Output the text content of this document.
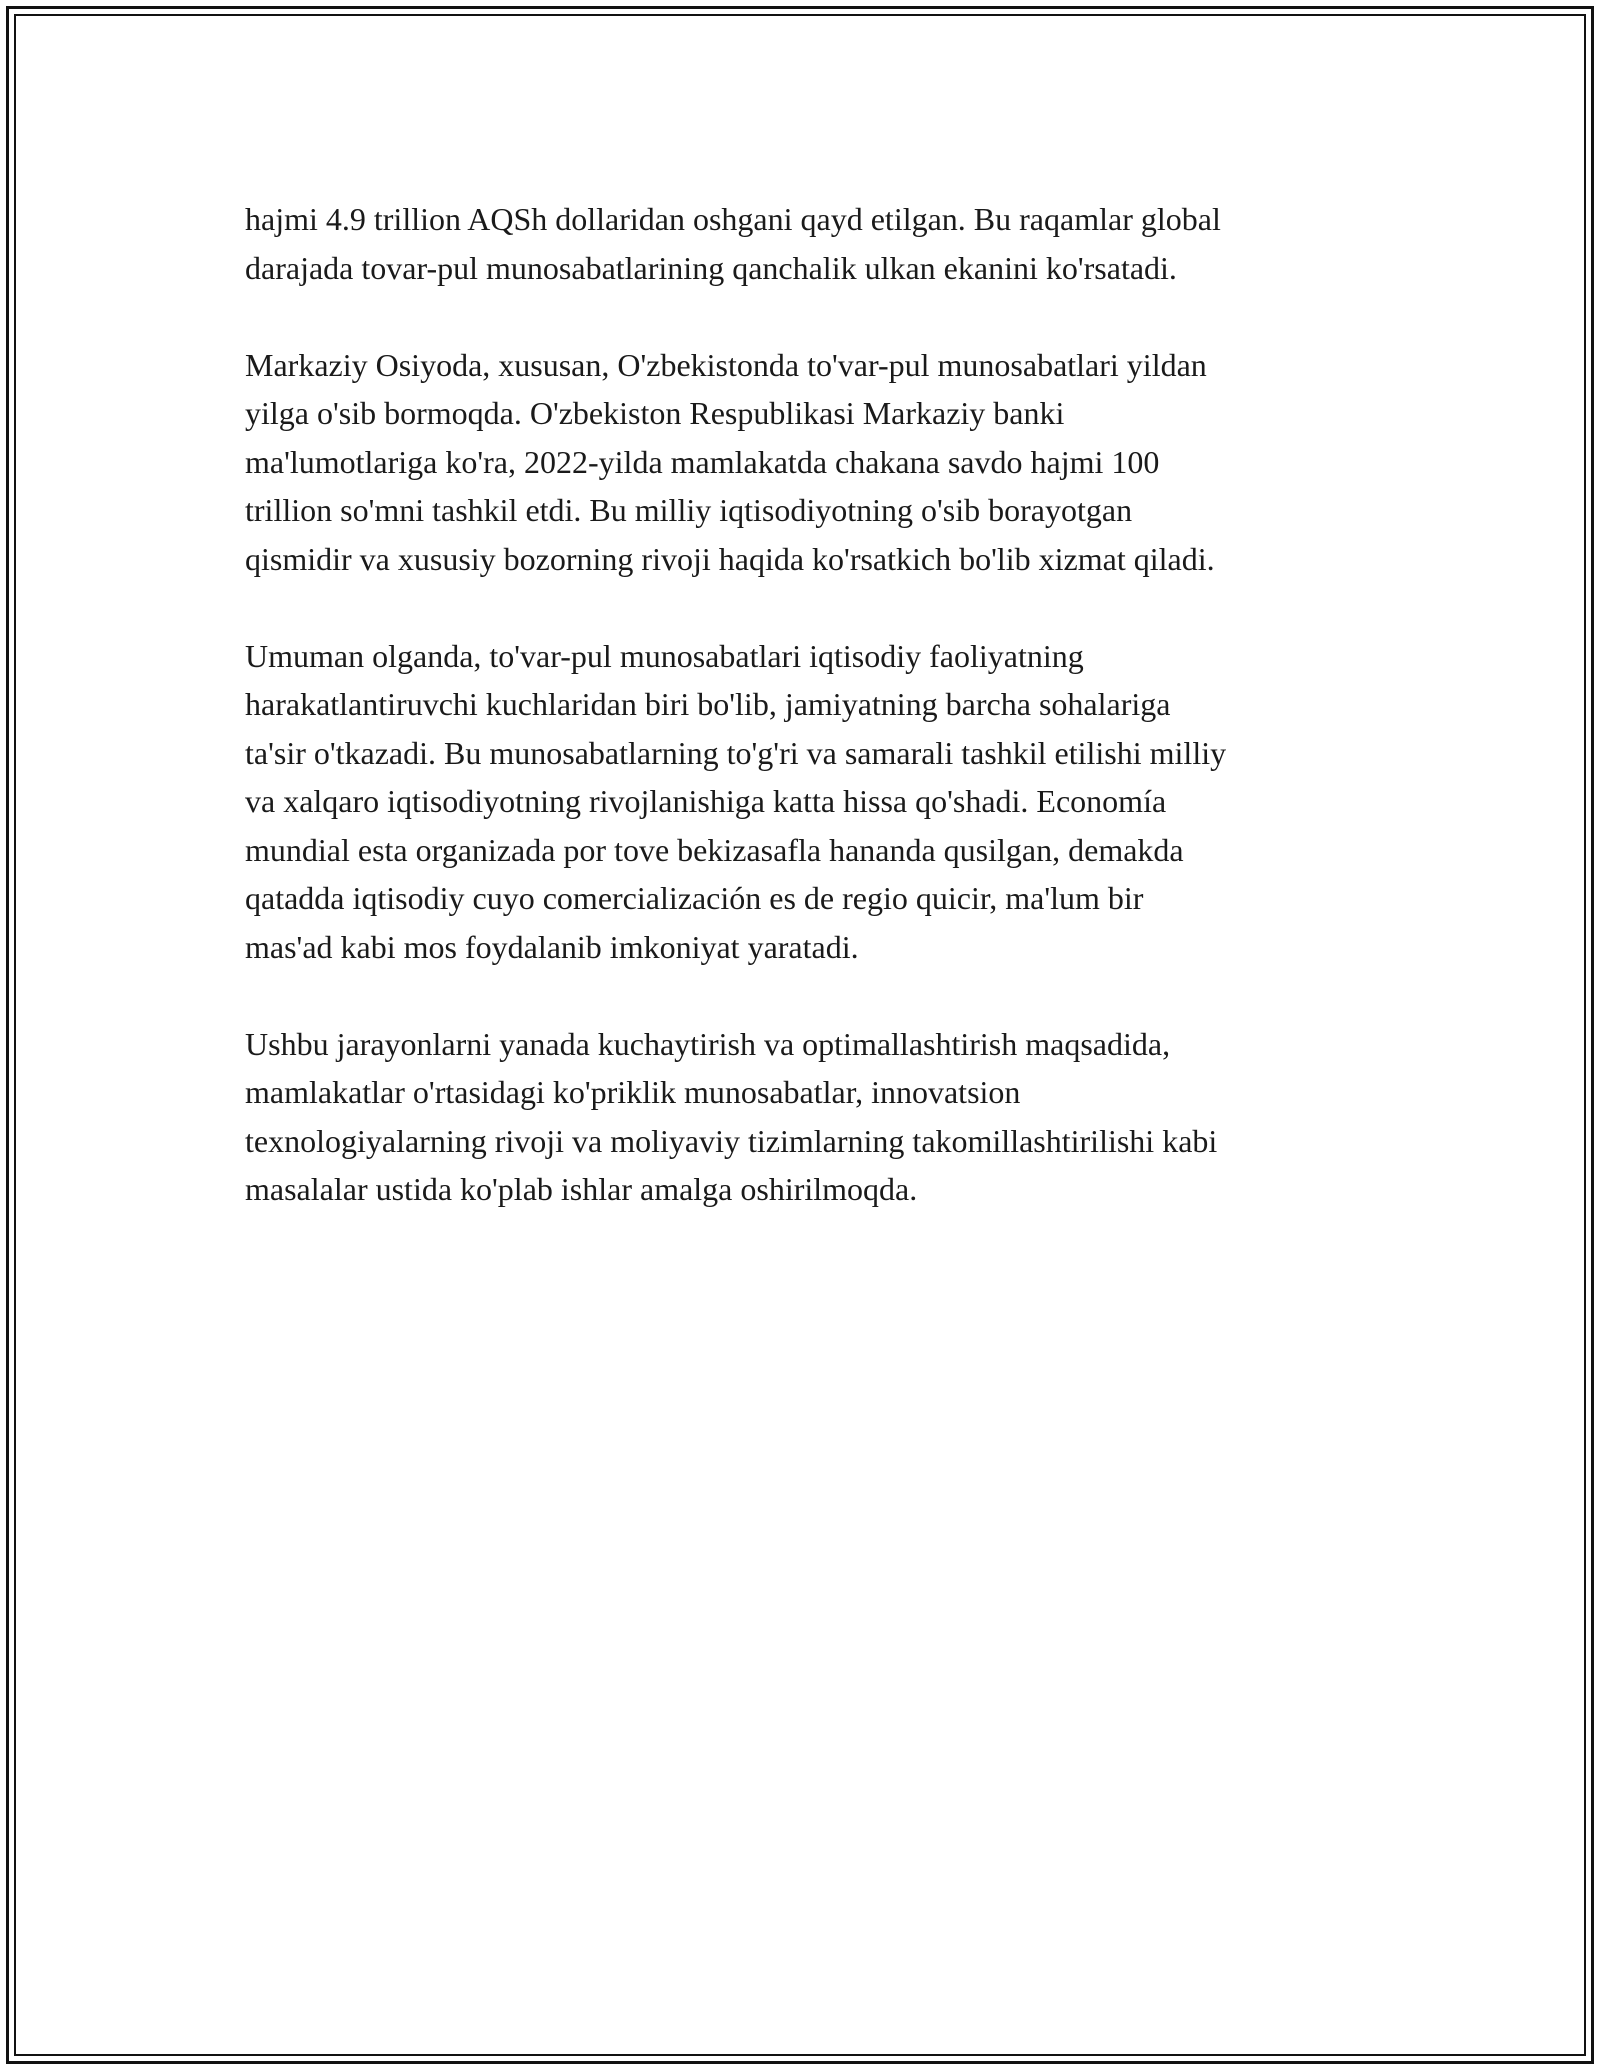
hajmi 4.9 trillion AQSh dollaridan oshgani qayd etilgan. Bu raqamlar global
darajada tovar-pul munosabatlarining qanchalik ulkan ekanini ko'rsatadi.

Markaziy Osiyoda, xususan, O'zbekistonda to'var-pul munosabatlari yildan
yilga o'sib bormoqda. O'zbekiston Respublikasi Markaziy banki
ma'lumotlariga ko'ra, 2022-yilda mamlakatda chakana savdo hajmi 100
trillion so'mni tashkil etdi. Bu milliy iqtisodiyotning o'sib borayotgan
qismidir va xususiy bozorning rivoji haqida ko'rsatkich bo'lib xizmat qiladi.

Umuman olganda, to'var-pul munosabatlari iqtisodiy faoliyatning
harakatlantiruvchi kuchlaridan biri bo'lib, jamiyatning barcha sohalariga
ta'sir o'tkazadi. Bu munosabatlarning to'g'ri va samarali tashkil etilishi milliy
va xalqaro iqtisodiyotning rivojlanishiga katta hissa qo'shadi. Economía
mundial esta organizada por tove bekizasafla hananda qusilgan, demakda
qatadda iqtisodiy cuyo comercialización es de regio quicir, ma'lum bir
mas'ad kabi mos foydalanib imkoniyat yaratadi.

Ushbu jarayonlarni yanada kuchaytirish va optimallashtirish maqsadida,
mamlakatlar o'rtasidagi ko'priklik munosabatlar, innovatsion
texnologiyalarning rivoji va moliyaviy tizimlarning takomillashtirilishi kabi
masalalar ustida ko'plab ishlar amalga oshirilmoqda.
